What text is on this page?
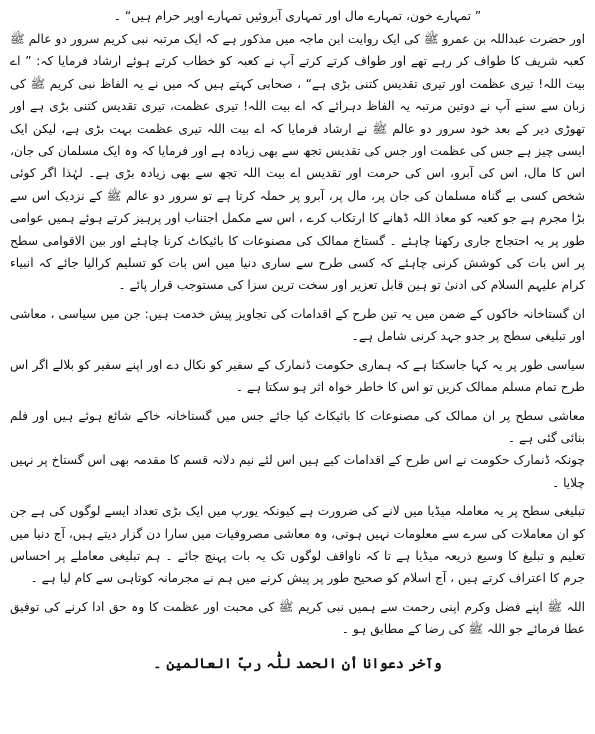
” تمہارے خون، تمہارے مال اور تمہاری آبروئیں تمہارے اوپر حرام ہیں“ ۔

اور حضرت عبداللہ بن عمرو ﷺ کی ایک روایت ابن ماجہ میں مذکور ہے کہ ایک مرتبہ نبی کریم سرور دو عالم ﷺ کعبہ شریف کا طواف کر رہے تھے اور طواف کرتے کرتے آپ نے کعبہ کو خطاب کرتے ہوئے ارشاد فرمایا کہ: ” اے بیت اللہ! تیری عظمت اور تیری تقدیس کتنی بڑی ہے“ ، صحابی کہتے ہیں کہ میں نے یہ الفاظ نبی کریم ﷺ کی زبان سے سنے آپ نے دوتین مرتبہ یہ الفاظ دہرائے کہ اے بیت اللہ! تیری عظمت، تیری تقدیس کتنی بڑی ہے اور تھوڑی دیر کے بعد خود سرور دو عالم ﷺ نے ارشاد فرمایا کہ اے بیت اللہ تیری عظمت بہت بڑی ہے، لیکن ایک ایسی چیز ہے جس کی عظمت اور جس کی تقدیس تجھ سے بھی زیادہ ہے اور فرمایا کہ وہ ایک مسلمان کی جان، اس کا مال، اس کی آبرو، اس کی حرمت اور تقدیس اے بیت اللہ تجھ سے بھی زیادہ بڑی ہے۔ لہٰذا اگر کوئی شخص کسی بے گناہ مسلمان کی جان پر، مال پر، آبرو پر حملہ کرتا ہے تو سرور دو عالم ﷺ کے نزدیک اس سے بڑا مجرم ہے جو کعبہ کو معاذ اللہ ڈھانے کا ارتکاب کرے ، اس سے مکمل اجتناب اور پرہیز کرتے ہوئے ہمیں عوامی طور پر یہ احتجاج جاری رکھنا چاہئے ۔ گستاخ ممالک کی مصنوعات کا بائیکاٹ کرنا چاہئے اور بین الاقوامی سطح پر اس بات کی کوشش کرنی چاہئے کہ کسی طرح سے ساری دنیا میں اس بات کو تسلیم کرالیا جائے کہ انبیاء کرام علیہم السلام کی ادنیٰ تو ہین قابل تعزیر اور سخت ترین سزا کی مستوجب قرار پائے ۔

ان گستاخانہ خاکوں کے ضمن میں یہ تین طرح کے اقدامات کی تجاویز پیش خدمت ہیں: جن میں سیاسی ، معاشی اور تبلیغی سطح پر جدو جہد کرنی شامل ہے۔

سیاسی طور پر یہ کہا جاسکتا ہے کہ ہماری حکومت ڈنمارک کے سفیر کو نکال دے اور اپنے سفیر کو بلالے اگر اس طرح تمام مسلم ممالک کریں تو اس کا خاطر خواہ اثر ہو سکتا ہے ۔

معاشی سطح پر ان ممالک کی مصنوعات کا بائیکاٹ کیا جائے جس میں گستاخانہ خاکے شائع ہوئے ہیں اور فلم بنائی گئی ہے ۔

چونکہ ڈنمارک حکومت نے اس طرح کے اقدامات کیے ہیں اس لئے نیم دلانہ قسم کا مقدمہ بھی اس گستاخ پر نہیں چلایا ۔

تبلیغی سطح پر یہ معاملہ میڈیا میں لانے کی ضرورت ہے کیونکہ یورپ میں ایک بڑی تعداد ایسے لوگوں کی ہے جن کو ان معاملات کی سرے سے معلومات نہیں ہوتی، وہ معاشی مصروفیات میں سارا دن گزار دیتے ہیں، آج دنیا میں تعلیم و تبلیغ کا وسیع ذریعہ میڈیا ہے تا کہ ناواقف لوگوں تک یہ بات پہنچ جائے ۔ ہم تبلیغی معاملے پر احساس جرم کا اعتراف کرتے ہیں ، آج اسلام کو صحیح طور پر پیش کرنے میں ہم نے مجرمانہ کوتاہی سے کام لیا ہے ۔

اللہ ﷺ اپنے فضل وکرم اپنی رحمت سے ہمیں نبی کریم ﷺ کی محبت اور عظمت کا وہ حق ادا کرنے کی توفیق عطا فرمائے جو اللہ ﷺ کی رضا کے مطابق ہو ۔

وآخر دعوانا أن الحمد للّٰہ ربّ العالمین ۔
